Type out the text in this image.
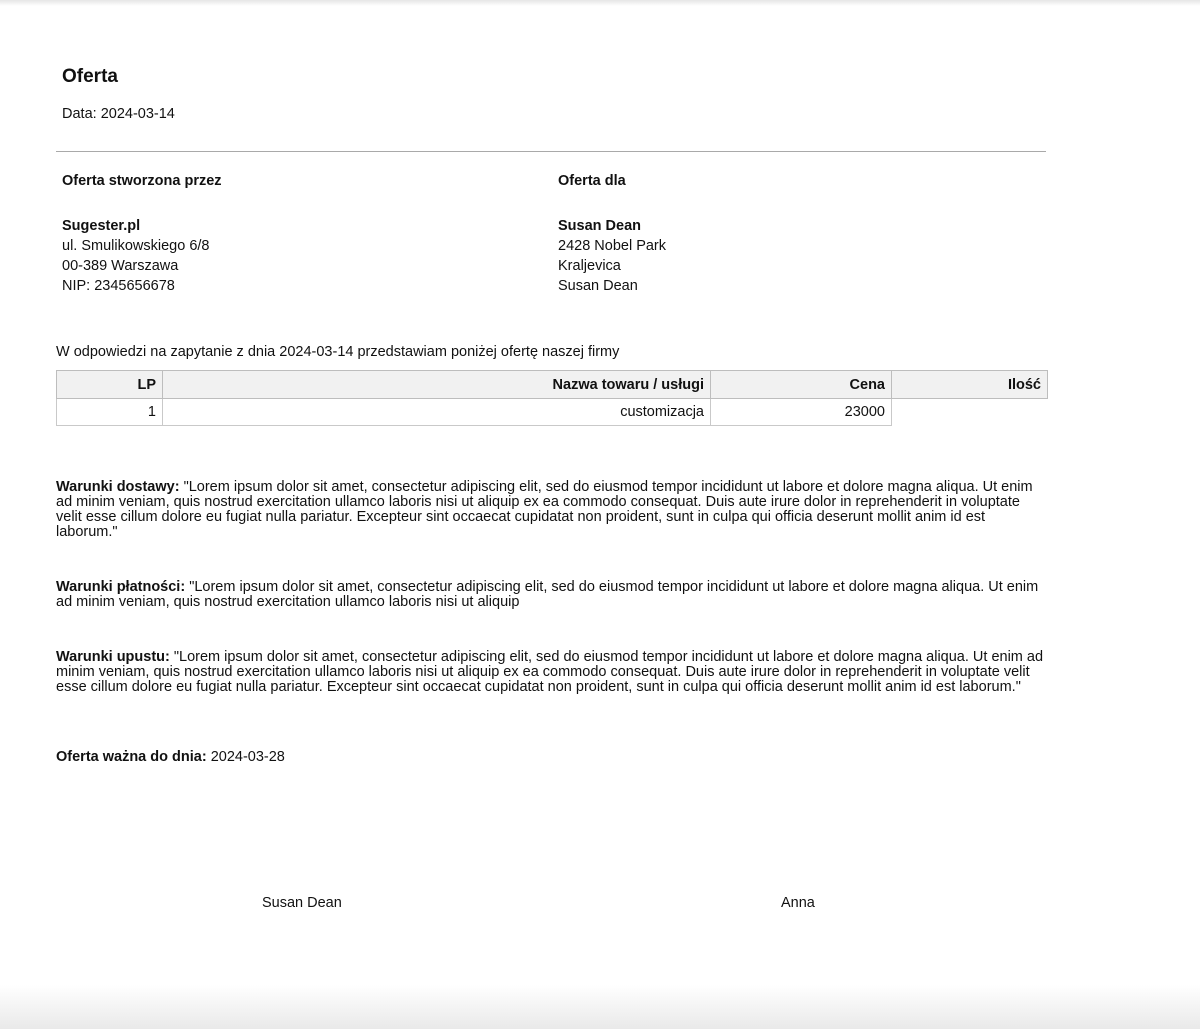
Oferta
Data: 2024-03-14
Oferta stworzona przez
Sugester.pl
ul. Smulikowskiego 6/8
00-389 Warszawa
NIP: 2345656678
Oferta dla
Susan Dean
2428 Nobel Park
Kraljevica
Susan Dean
W odpowiedzi na zapytanie z dnia 2024-03-14 przedstawiam poniżej ofertę naszej firmy
LP	Nazwa towaru / usługi	Cena	Ilość
1	customizacja	23000	
Warunki dostawy: "Lorem ipsum dolor sit amet, consectetur adipiscing elit, sed do eiusmod tempor incididunt ut labore et dolore magna aliqua. Ut enim ad minim veniam, quis nostrud exercitation ullamco laboris nisi ut aliquip ex ea commodo consequat. Duis aute irure dolor in reprehenderit in voluptate velit esse cillum dolore eu fugiat nulla pariatur. Excepteur sint occaecat cupidatat non proident, sunt in culpa qui officia deserunt mollit anim id est laborum."
Warunki płatności: "Lorem ipsum dolor sit amet, consectetur adipiscing elit, sed do eiusmod tempor incididunt ut labore et dolore magna aliqua. Ut enim ad minim veniam, quis nostrud exercitation ullamco laboris nisi ut aliquip
Warunki upustu: "Lorem ipsum dolor sit amet, consectetur adipiscing elit, sed do eiusmod tempor incididunt ut labore et dolore magna aliqua. Ut enim ad minim veniam, quis nostrud exercitation ullamco laboris nisi ut aliquip ex ea commodo consequat. Duis aute irure dolor in reprehenderit in voluptate velit esse cillum dolore eu fugiat nulla pariatur. Excepteur sint occaecat cupidatat non proident, sunt in culpa qui officia deserunt mollit anim id est laborum."
Oferta ważna do dnia: 2024-03-28
Susan Dean	Anna
